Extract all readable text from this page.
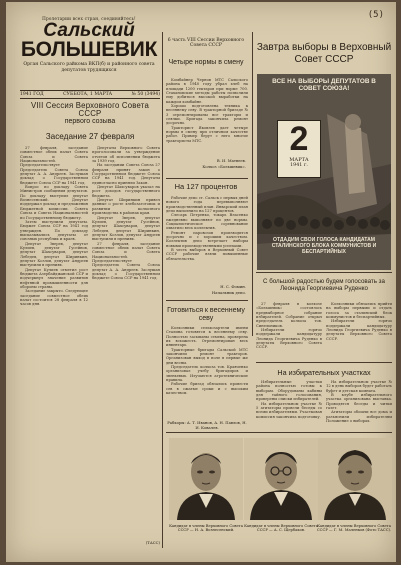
(5)
Пролетарии всех стран, соединяйтесь!
Сальский
БОЛЬШЕВИК
Орган Сальского райкома ВКП(б) и районного совета депутатов трудящихся
1941 ГОД	СУББОТА, 1 МАРТА	№ 50 (3494)
VIII Сессия Верховного Совета СССР
первого созыва
Заседание 27 февраля

27 февраля, заседание совместное обеих палат Совета Союза и Совета Национальностей. Председательствует Председатель Совета Союза депутат А. А. Андреев. Заслушан доклад о Государственном бюджете Союза ССР на 1941 год.

Вопрос по докладу Совета Министров сообщения депутатов. По докладу выступил депутат Вознесенский. Депутат поддержал доклад и предложения Бюджетной комиссии. Совета Союза и Совета Национальностей по Государственному бюджету.

Затем выступили депутаты. Бюджет Союза ССР на 1941 год утвержден. По докладу высказывались депутаты от союзных республик и краев.

Депутат Зверев, депутат Кулиев, депутат Гусейнов, депутат Шахсуваров, депутат Лебедев, депутат Ширинкин, депутат Козлов, депутат Андреев выступили в прениях.

Депутат Кулиев отметил рост бюджета Азербайджанской ССР и подчеркнул значение развития нефтяной промышленности для обороны страны.

Заседание закрыто. Следующее заседание совместное обеих палат состоится 28 февраля в 12 часов дня.

Депутаты Верховного Совета проголосовали за утверждение отчетов об исполнении бюджета за 1939 год.

На заседании Совета Союза 27 февраля принят закон о Государственном бюджете Союза ССР на 1941 год. Депутаты единогласно приняли Закон.

Депутат Шахсуваров указал на рост доходов государственного бюджета.

Депутат Ширинкин привел данные о росте хлебозаготовок и развитии колхозного производства в районах края.

Депутат Зверев, депутат Кулиев, депутат Гусейнов, депутат Шахсуваров, депутат Лебедев, депутат Ширинкин, депутат Козлов, депутат Андреев выступили в прениях.

27 февраля, заседание совместное обеих палат Совета Союза и Совета Национальностей. Председательствует Председатель Совета Союза депутат А. А. Андреев. Заслушан доклад о Государственном бюджете Союза ССР на 1941 год.

(ТАСС)
6 часть VIII Сессии Верховного Совета СССР
Четыре нормы в смену

Комбайнер Чернов МТС Сальского района в 1940 году убрал хлеб на площади 1200 гектаров при норме 700. Стахановские методы работы позволили ему добиться высокой выработки на каждом комбайне.

Хорошо подготовлена техника к весеннему севу. В тракторной бригаде № 3 отремонтированы все тракторы и сеялки. Бригада закончила ремонт досрочно.

Тракторист Яковлев дает четыре нормы в смену при отличном качестве работ. Пример берут с него многие трактористы МТС.

В. И. Матвеев.
Колхоз «Большевик».
На 127 процентов

Рабочие депо ст. Сальск с первых дней нового года перевыполняют производственный план. Январский план депо выполнило на 127 процентов.

Слесарь Петренко, токарь Власенко ежедневно выполняют по две нормы. Социалистическое соревнование охватило весь коллектив.

Ремонт паровозов производится досрочно и с хорошим качеством. Коллектив депо встречает выборы новыми производственными успехами.

В честь выборов в Верховный Совет СССР рабочие взяли повышенные обязательства.

Н. С. Фомин.
Начальник депо.
Готовиться к весеннему севу

Колхозники сельхозартели имени Сталина готовятся к весеннему севу. Полностью засыпаны семена, проверена их всхожесть. Отремонтирован весь инвентарь.

Тракторные бригады Сальской МТС закончили ремонт тракторов. Организован выход в поле в первые же дни весны.

Председатель колхоза тов. Кравченко организовал учебу бригадиров и звеньевых. Изучаются агротехнические правила.

Рабочие бригад обязались провести сев в сжатые сроки и с высоким качеством.

Рабкоры: А. Т. Иванов, А. Н. Павлов, Н. И. Ковалев.
Завтра выборы в Верховный Совет СССР
ВСЕ НА ВЫБОРЫ ДЕПУТАТОВ В СОВЕТ СОЮЗА!
2
МАРТА
1941 г.
ОТДАДИМ СВОИ ГОЛОСА КАНДИДАТАМ СТАЛИНСКОГО БЛОКА КОММУНИСТОВ И БЕСПАРТИЙНЫХ
С большой радостью будем голосовать за Леонида Георгиевича Руденко

27 февраля в колхозе «Большевик» состоялось предвыборное собрание избирателей. Собрание открыл председатель колхоза тов. Синельников.

Избиратели горячо поддержали кандидатуру Леонида Георгиевича Руденко в депутаты Верховного Совета СССР.

Колхозники обязались прийти на выборы первыми и отдать голоса за сталинский блок коммунистов и беспартийных.

Избиратели горячо поддержали кандидатуру Леонида Георгиевича Руденко в депутаты Верховного Совета СССР.

На избирательных участках

Избирательные участки района полностью готовы к выборам. Оборудованы кабины для тайного голосования, проверены списки избирателей.

На избирательном участке № 5 агитаторы провели беседы со всеми избирателями. Участковая комиссия закончила подготовку.

На избирательном участке № 12 в день выборов будет работать буфет и детская комната.

В клубе избирательного участка организована выставка. Проводятся беседы и читки газет.

Агитаторы обошли все дома и разъяснили избирателям Положение о выборах.

Кандидат в члены Верховного Совета СССР — Н. А. Вознесенский.
Кандидат в члены Верховного Совета СССР — А. С. Щербаков.
Кандидат в члены Верховного Совета СССР — Г. М. Маленков (Фото ТАСС).
